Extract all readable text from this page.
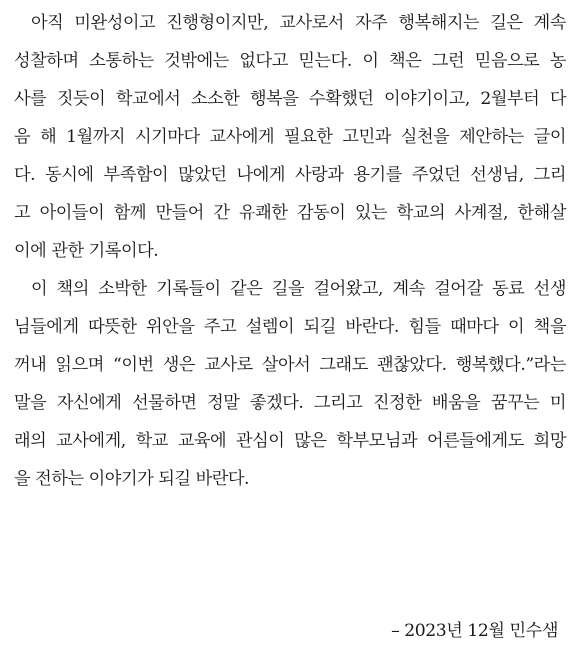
아직 미완성이고 진행형이지만, 교사로서 자주 행복해지는 길은 계속
성찰하며 소통하는 것밖에는 없다고 믿는다. 이 책은 그런 믿음으로 농
사를 짓듯이 학교에서 소소한 행복을 수확했던 이야기이고, 2월부터 다
음 해 1월까지 시기마다 교사에게 필요한 고민과 실천을 제안하는 글이
다. 동시에 부족함이 많았던 나에게 사랑과 용기를 주었던 선생님, 그리
고 아이들이 함께 만들어 간 유쾌한 감동이 있는 학교의 사계절, 한해살
이에 관한 기록이다.
이 책의 소박한 기록들이 같은 길을 걸어왔고, 계속 걸어갈 동료 선생
님들에게 따뜻한 위안을 주고 설렘이 되길 바란다. 힘들 때마다 이 책을
꺼내 읽으며 “이번 생은 교사로 살아서 그래도 괜찮았다. 행복했다.”라는
말을 자신에게 선물하면 정말 좋겠다. 그리고 진정한 배움을 꿈꾸는 미
래의 교사에게, 학교 교육에 관심이 많은 학부모님과 어른들에게도 희망
을 전하는 이야기가 되길 바란다.
– 2023년 12월 민수샘
